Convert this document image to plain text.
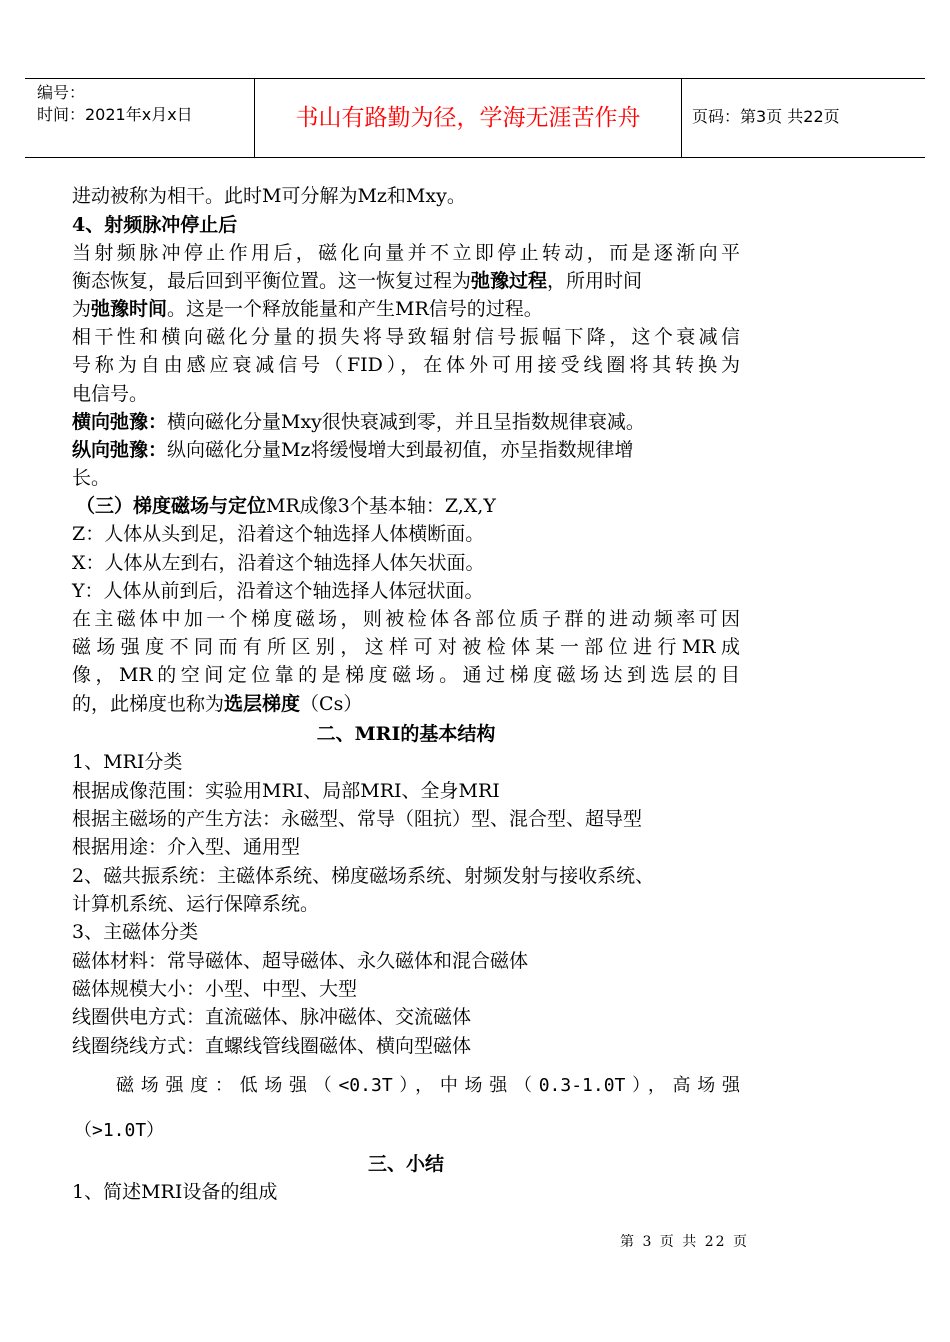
编号：
时间：2021年x月x日	书山有路勤为径，学海无涯苦作舟	页码：第3页 共22页
进动被称为相干。此时M可分解为Mz和Mxy。
4、射频脉冲停止后
当射频脉冲停止作用后，磁化向量并不立即停止转动，而是逐渐向平
衡态恢复，最后回到平衡位置。这一恢复过程为弛豫过程，所用时间
为弛豫时间。这是一个释放能量和产生MR信号的过程。
相干性和横向磁化分量的损失将导致辐射信号振幅下降，这个衰减信
号称为自由感应衰减信号（FID），在体外可用接受线圈将其转换为
电信号。
横向弛豫：横向磁化分量Mxy很快衰减到零，并且呈指数规律衰减。
纵向弛豫：纵向磁化分量Mz将缓慢增大到最初值，亦呈指数规律增
长。
（三）梯度磁场与定位MR成像3个基本轴：Z,X,Y
Z：人体从头到足，沿着这个轴选择人体横断面。
X：人体从左到右，沿着这个轴选择人体矢状面。
Y：人体从前到后，沿着这个轴选择人体冠状面。
在主磁体中加一个梯度磁场，则被检体各部位质子群的进动频率可因
磁场强度不同而有所区别，这样可对被检体某一部位进行MR成
像，MR的空间定位靠的是梯度磁场。通过梯度磁场达到选层的目
的，此梯度也称为选层梯度（Cs）
二、MRI的基本结构
1、MRI分类
根据成像范围：实验用MRI、局部MRI、全身MRI
根据主磁场的产生方法：永磁型、常导（阻抗）型、混合型、超导型
根据用途：介入型、通用型
2、磁共振系统：主磁体系统、梯度磁场系统、射频发射与接收系统、
计算机系统、运行保障系统。
3、主磁体分类
磁体材料：常导磁体、超导磁体、永久磁体和混合磁体
磁体规模大小：小型、中型、大型
线圈供电方式：直流磁体、脉冲磁体、交流磁体
线圈绕线方式：直螺线管线圈磁体、横向型磁体
磁场强度：低场强（<0.3T），中场强（0.3-1.0T），高场强
（>1.0T）
三、小结
1、简述MRI设备的组成
第 3 页 共 22 页
